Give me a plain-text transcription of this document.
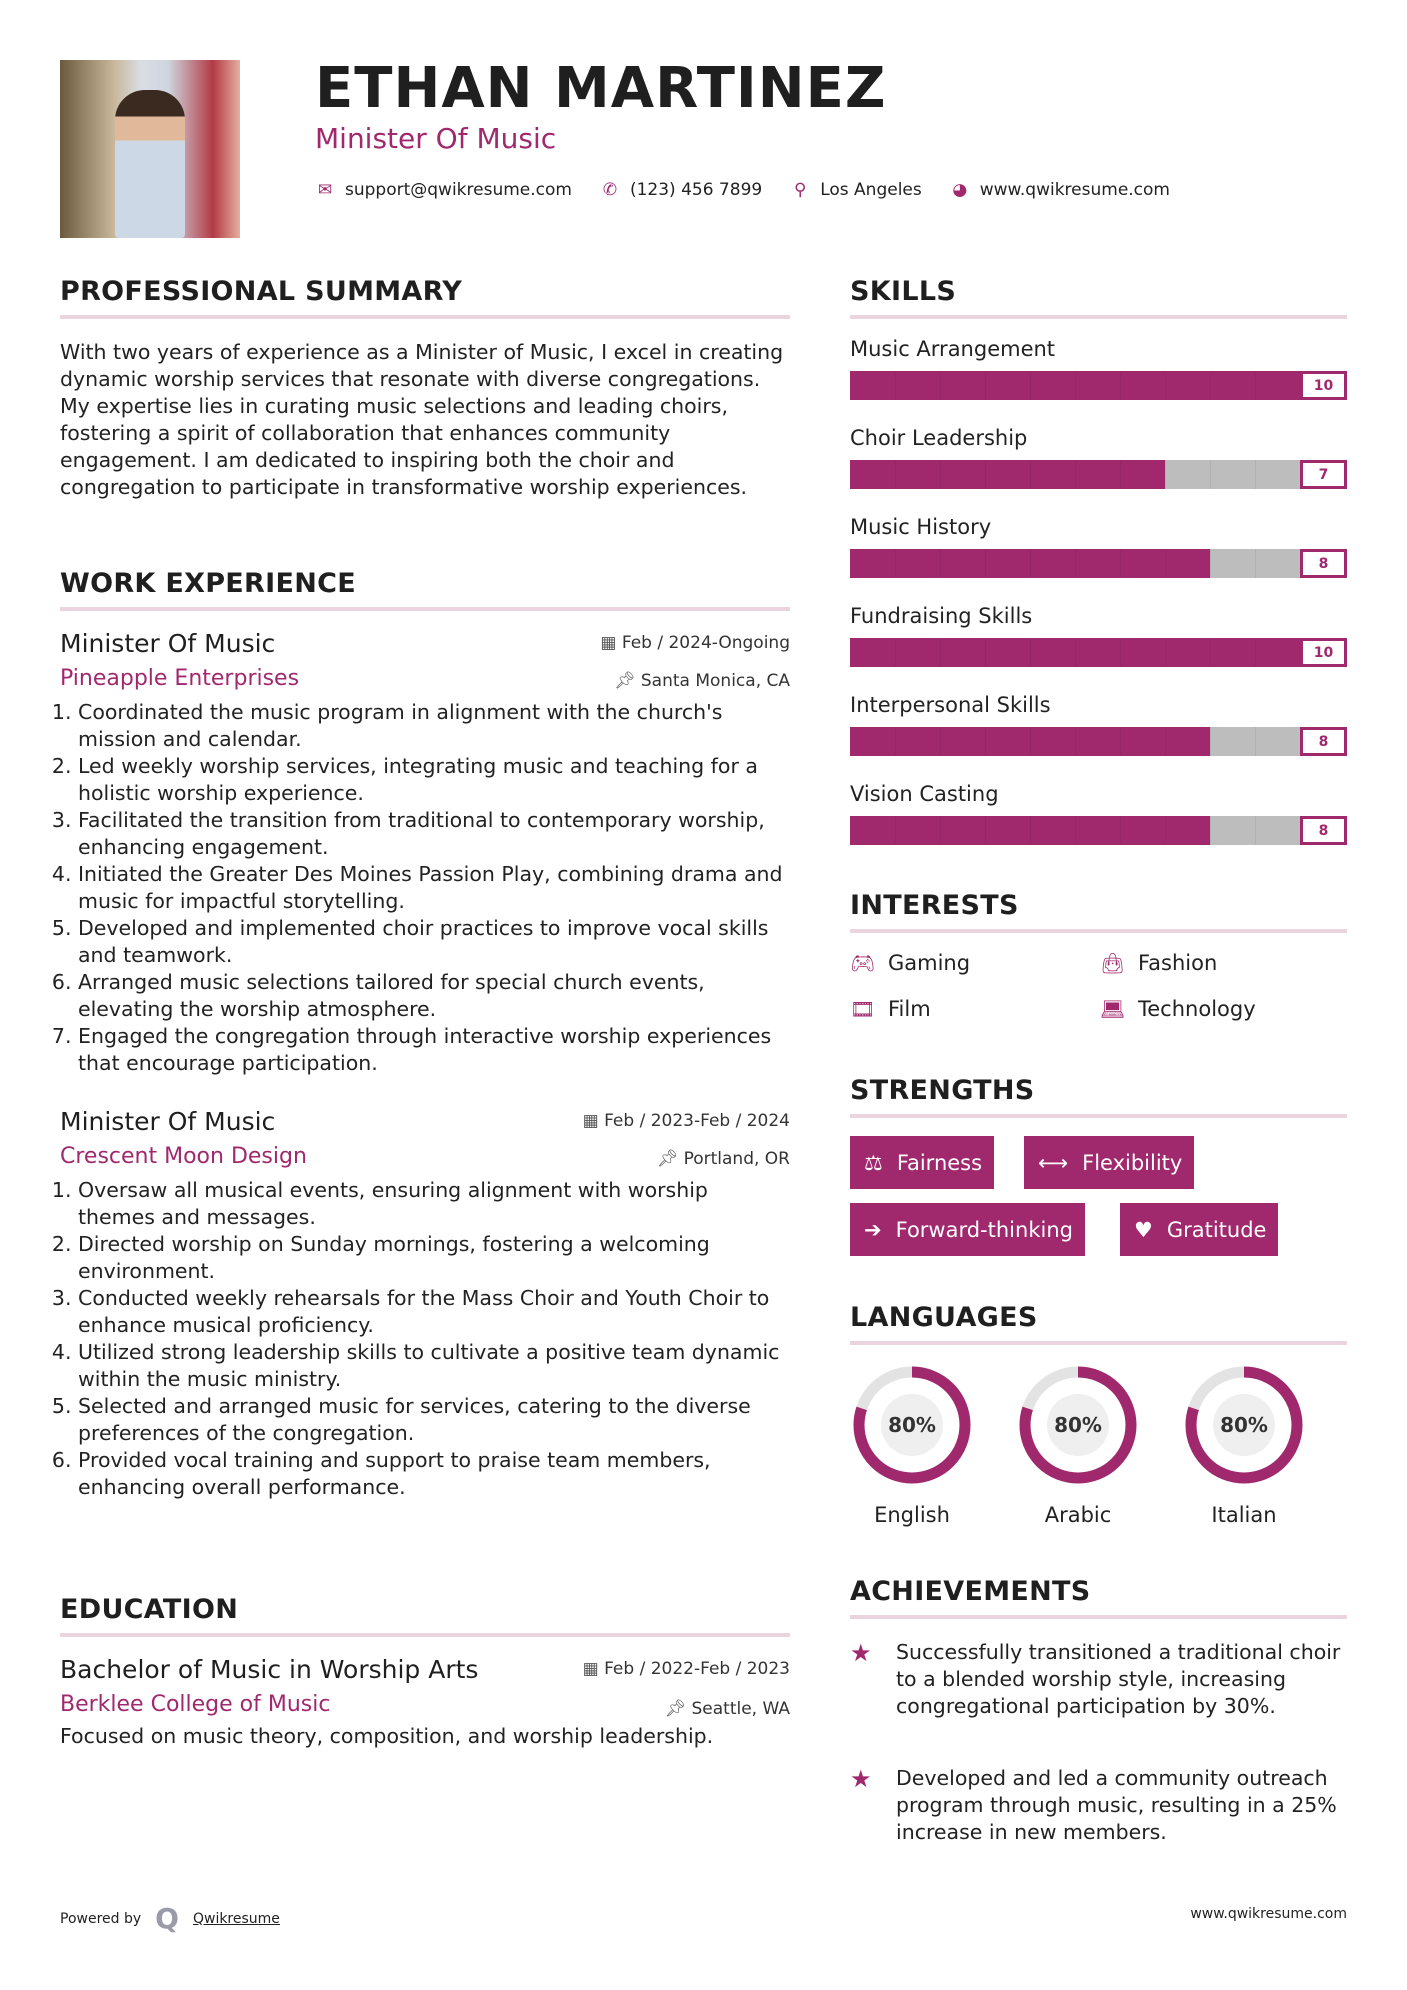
ETHAN MARTINEZ
Minister Of Music
✉ support@qwikresume.com ✆ (123) 456 7899 ⚲ Los Angeles ◕ www.qwikresume.com
PROFESSIONAL SUMMARY
With two years of experience as a Minister of Music, I excel in creating dynamic worship services that resonate with diverse congregations. My expertise lies in curating music selections and leading choirs, fostering a spirit of collaboration that enhances community engagement. I am dedicated to inspiring both the choir and congregation to participate in transformative worship experiences.
WORK EXPERIENCE
Minister Of Music	▦ Feb / 2024-Ongoing
Pineapple Enterprises	📌︎ Santa Monica, CA
1. Coordinated the music program in alignment with the church's mission and calendar.
2. Led weekly worship services, integrating music and teaching for a holistic worship experience.
3. Facilitated the transition from traditional to contemporary worship, enhancing engagement.
4. Initiated the Greater Des Moines Passion Play, combining drama and music for impactful storytelling.
5. Developed and implemented choir practices to improve vocal skills and teamwork.
6. Arranged music selections tailored for special church events, elevating the worship atmosphere.
7. Engaged the congregation through interactive worship experiences that encourage participation.
Minister Of Music	▦ Feb / 2023-Feb / 2024
Crescent Moon Design	📌︎ Portland, OR
1. Oversaw all musical events, ensuring alignment with worship themes and messages.
2. Directed worship on Sunday mornings, fostering a welcoming environment.
3. Conducted weekly rehearsals for the Mass Choir and Youth Choir to enhance musical proficiency.
4. Utilized strong leadership skills to cultivate a positive team dynamic within the music ministry.
5. Selected and arranged music for services, catering to the diverse preferences of the congregation.
6. Provided vocal training and support to praise team members, enhancing overall performance.
EDUCATION
Bachelor of Music in Worship Arts	▦ Feb / 2022-Feb / 2023
Berklee College of Music	📌︎ Seattle, WA
Focused on music theory, composition, and worship leadership.
SKILLS
Music Arrangement
10
Choir Leadership
7
Music History
8
Fundraising Skills
10
Interpersonal Skills
8
Vision Casting
8
INTERESTS
🎮︎ Gaming	👜︎ Fashion
🎞︎ Film	💻︎ Technology
STRENGTHS
⚖ Fairness	⟷ Flexibility
➔ Forward-thinking	♥ Gratitude
LANGUAGES
80%
English
80%
Arabic
80%
Italian
ACHIEVEMENTS
★	Successfully transitioned a traditional choir to a blended worship style, increasing congregational participation by 30%.
★	Developed and led a community outreach program through music, resulting in a 25% increase in new members.
Powered by Q Qwikresume	www.qwikresume.com
